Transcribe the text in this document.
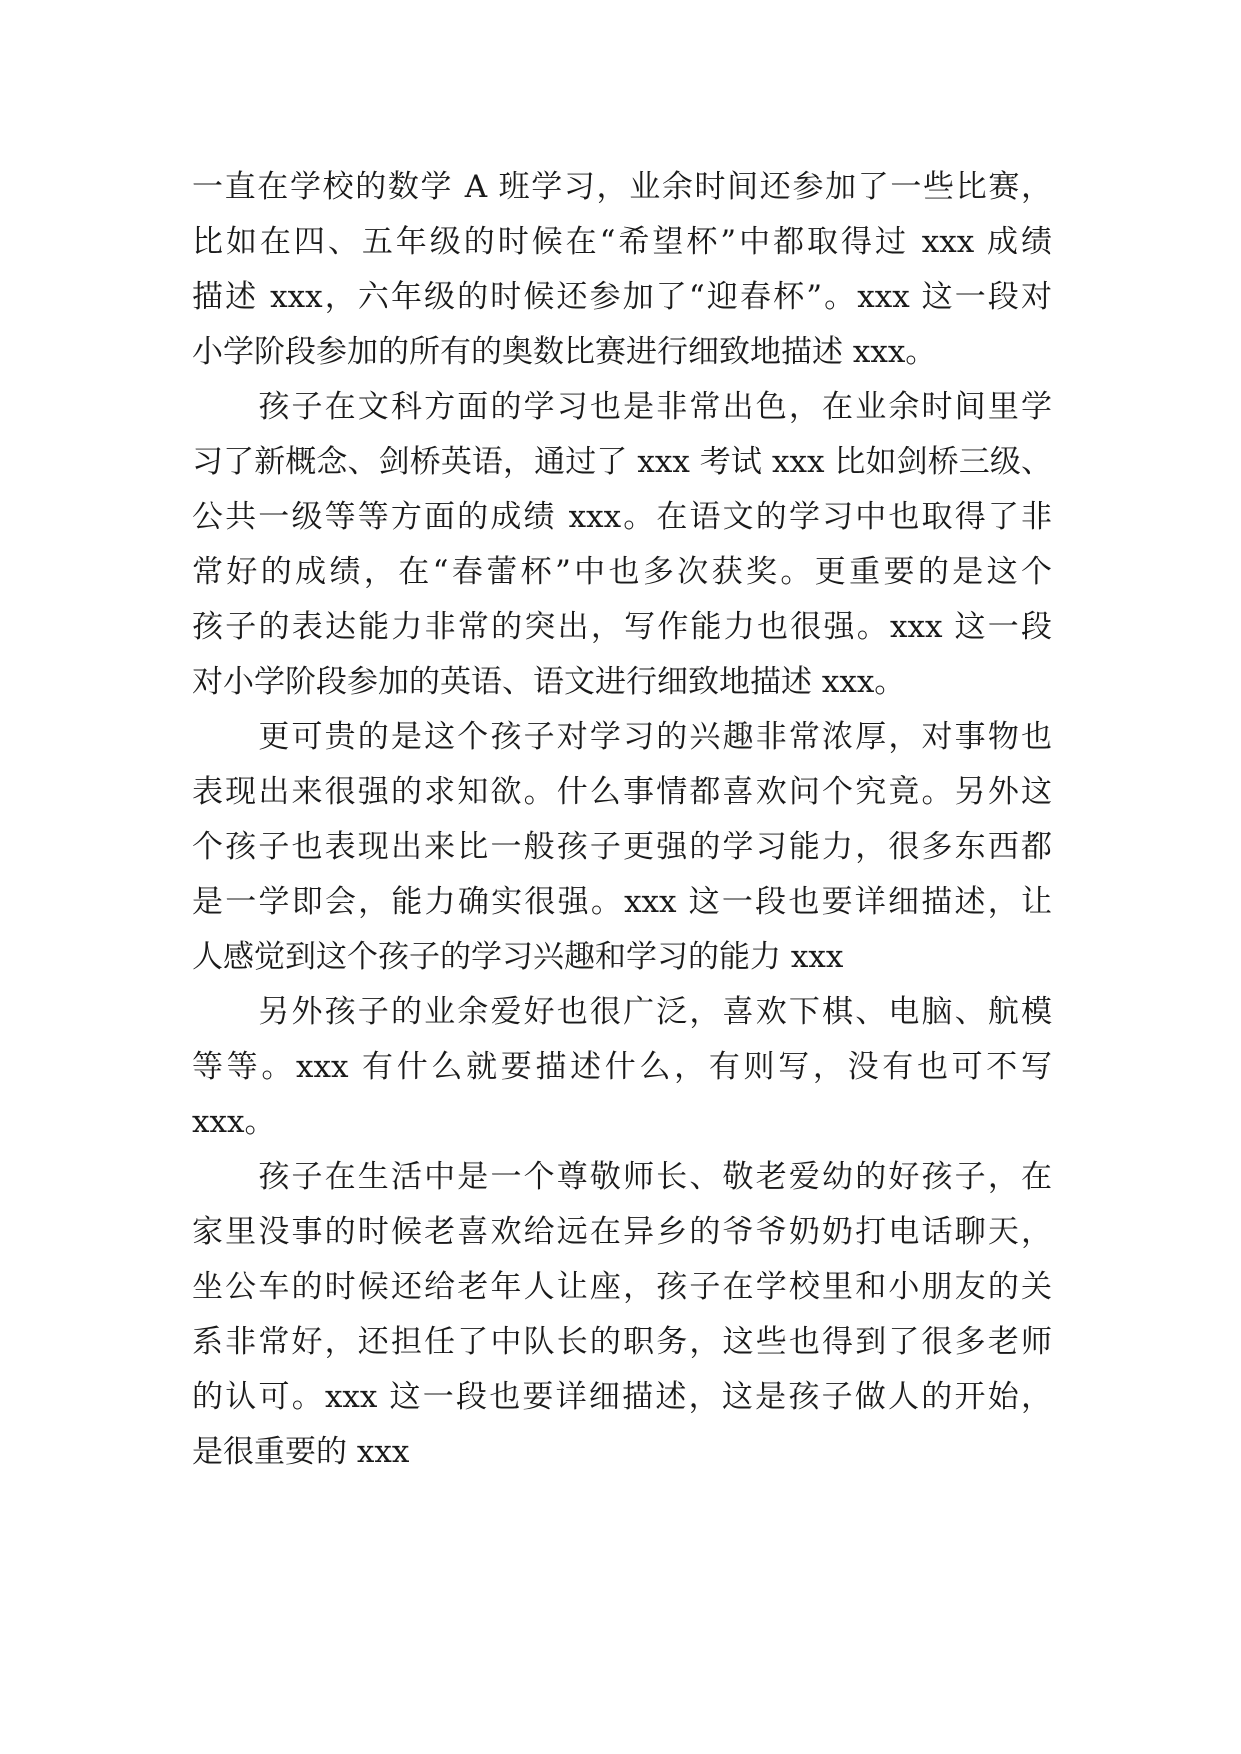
一直在学校的数学 A 班学习，业余时间还参加了一些比赛，
比如在四、五年级的时候在“希望杯”中都取得过 xxx 成绩
描述 xxx，六年级的时候还参加了“迎春杯”。xxx 这一段对
小学阶段参加的所有的奥数比赛进行细致地描述 xxx。
　　孩子在文科方面的学习也是非常出色，在业余时间里学
习了新概念、剑桥英语，通过了 xxx 考试 xxx 比如剑桥三级、
公共一级等等方面的成绩 xxx。在语文的学习中也取得了非
常好的成绩，在“春蕾杯”中也多次获奖。更重要的是这个
孩子的表达能力非常的突出，写作能力也很强。xxx 这一段
对小学阶段参加的英语、语文进行细致地描述 xxx。
　　更可贵的是这个孩子对学习的兴趣非常浓厚，对事物也
表现出来很强的求知欲。什么事情都喜欢问个究竟。另外这
个孩子也表现出来比一般孩子更强的学习能力，很多东西都
是一学即会，能力确实很强。xxx 这一段也要详细描述，让
人感觉到这个孩子的学习兴趣和学习的能力 xxx
　　另外孩子的业余爱好也很广泛，喜欢下棋、电脑、航模
等等。xxx 有什么就要描述什么，有则写，没有也可不写
xxx。
　　孩子在生活中是一个尊敬师长、敬老爱幼的好孩子，在
家里没事的时候老喜欢给远在异乡的爷爷奶奶打电话聊天，
坐公车的时候还给老年人让座，孩子在学校里和小朋友的关
系非常好，还担任了中队长的职务，这些也得到了很多老师
的认可。xxx 这一段也要详细描述，这是孩子做人的开始，
是很重要的 xxx
